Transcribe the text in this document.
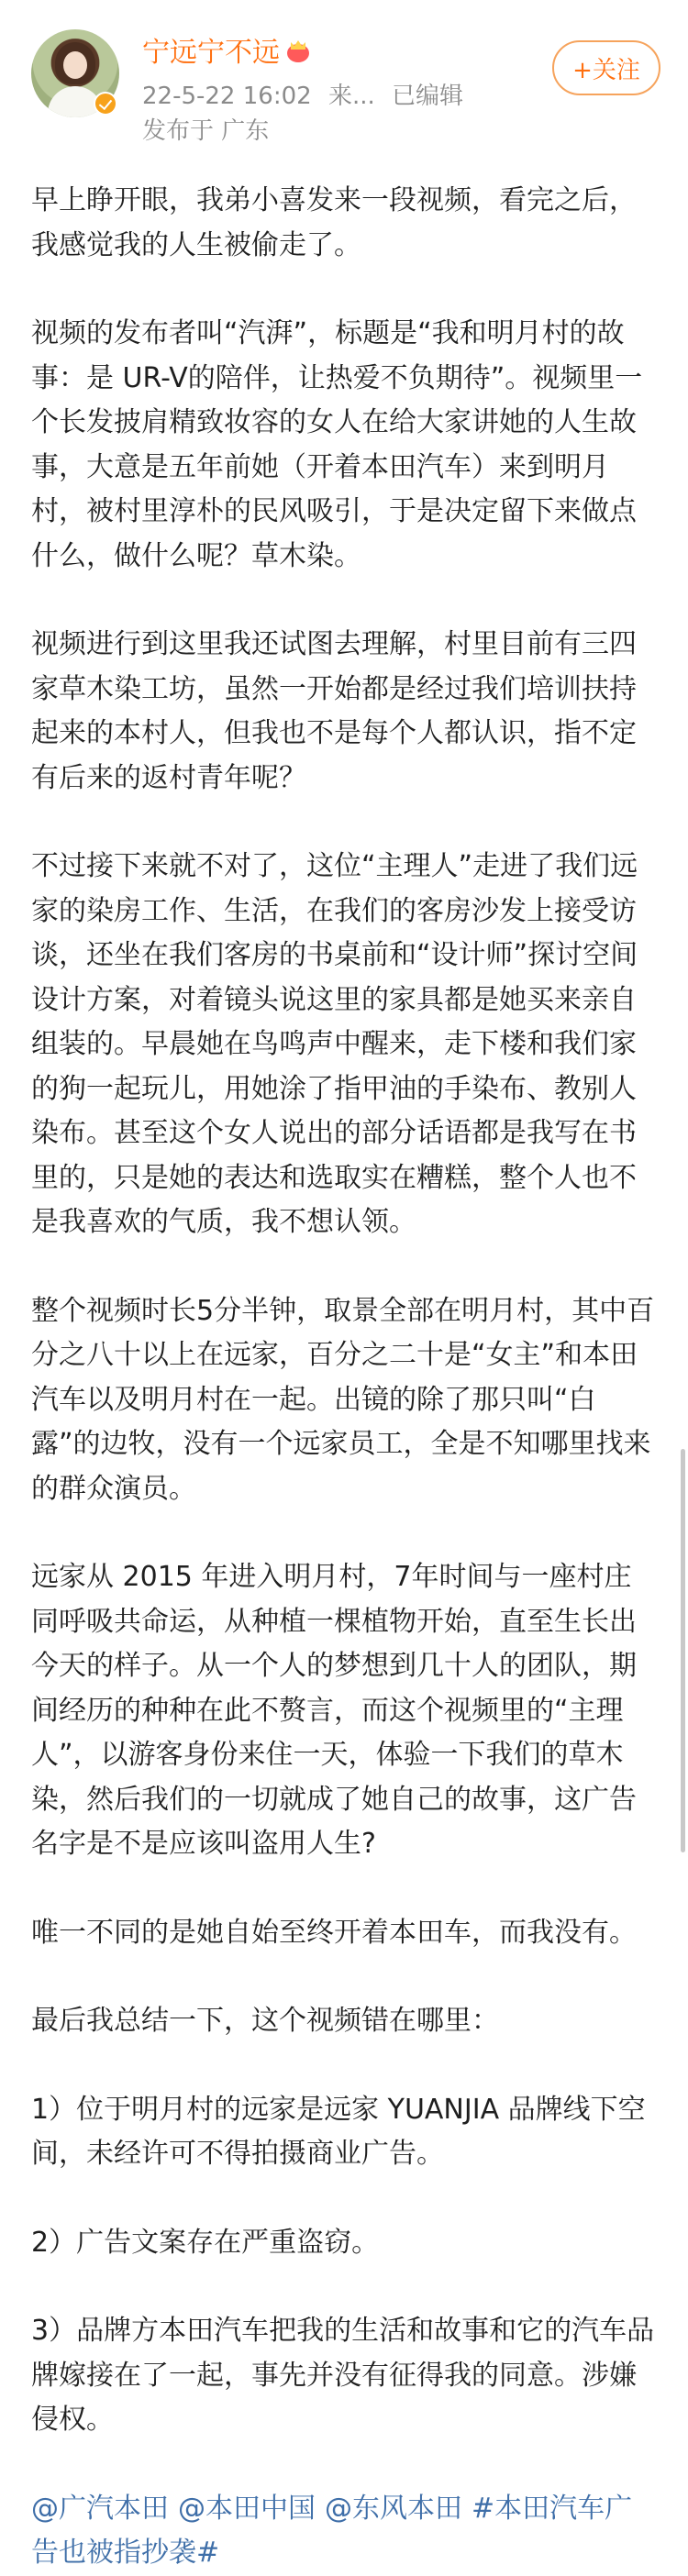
宁远宁不远
22-5-22 16:02 来... 已编辑
发布于 广东
+关注

早上睁开眼，我弟小喜发来一段视频，看完之后，我感觉我的人生被偷走了。

视频的发布者叫“汽湃”，标题是“我和明月村的故事：是 UR-V的陪伴，让热爱不负期待”。视频里一个长发披肩精致妆容的女人在给大家讲她的人生故事，大意是五年前她（开着本田汽车）来到明月村，被村里淳朴的民风吸引，于是决定留下来做点什么，做什么呢？草木染。

视频进行到这里我还试图去理解，村里目前有三四家草木染工坊，虽然一开始都是经过我们培训扶持起来的本村人，但我也不是每个人都认识，指不定有后来的返村青年呢？

不过接下来就不对了，这位“主理人”走进了我们远家的染房工作、生活，在我们的客房沙发上接受访谈，还坐在我们客房的书桌前和“设计师”探讨空间设计方案，对着镜头说这里的家具都是她买来亲自组装的。早晨她在鸟鸣声中醒来，走下楼和我们家的狗一起玩儿，用她涂了指甲油的手染布、教别人染布。甚至这个女人说出的部分话语都是我写在书里的，只是她的表达和选取实在糟糕，整个人也不是我喜欢的气质，我不想认领。

整个视频时长5分半钟，取景全部在明月村，其中百分之八十以上在远家，百分之二十是“女主”和本田汽车以及明月村在一起。出镜的除了那只叫“白露”的边牧，没有一个远家员工，全是不知哪里找来的群众演员。

远家从 2015 年进入明月村，7年时间与一座村庄同呼吸共命运，从种植一棵植物开始，直至生长出今天的样子。从一个人的梦想到几十人的团队，期间经历的种种在此不赘言，而这个视频里的“主理人”，以游客身份来住一天，体验一下我们的草木染，然后我们的一切就成了她自己的故事，这广告名字是不是应该叫盗用人生?

唯一不同的是她自始至终开着本田车，而我没有。

最后我总结一下，这个视频错在哪里：

1）位于明月村的远家是远家 YUANJIA 品牌线下空间，未经许可不得拍摄商业广告。

2）广告文案存在严重盗窃。

3）品牌方本田汽车把我的生活和故事和它的汽车品牌嫁接在了一起，事先并没有征得我的同意。涉嫌侵权。

@广汽本田 @本田中国 @东风本田 #本田汽车广告也被指抄袭#
